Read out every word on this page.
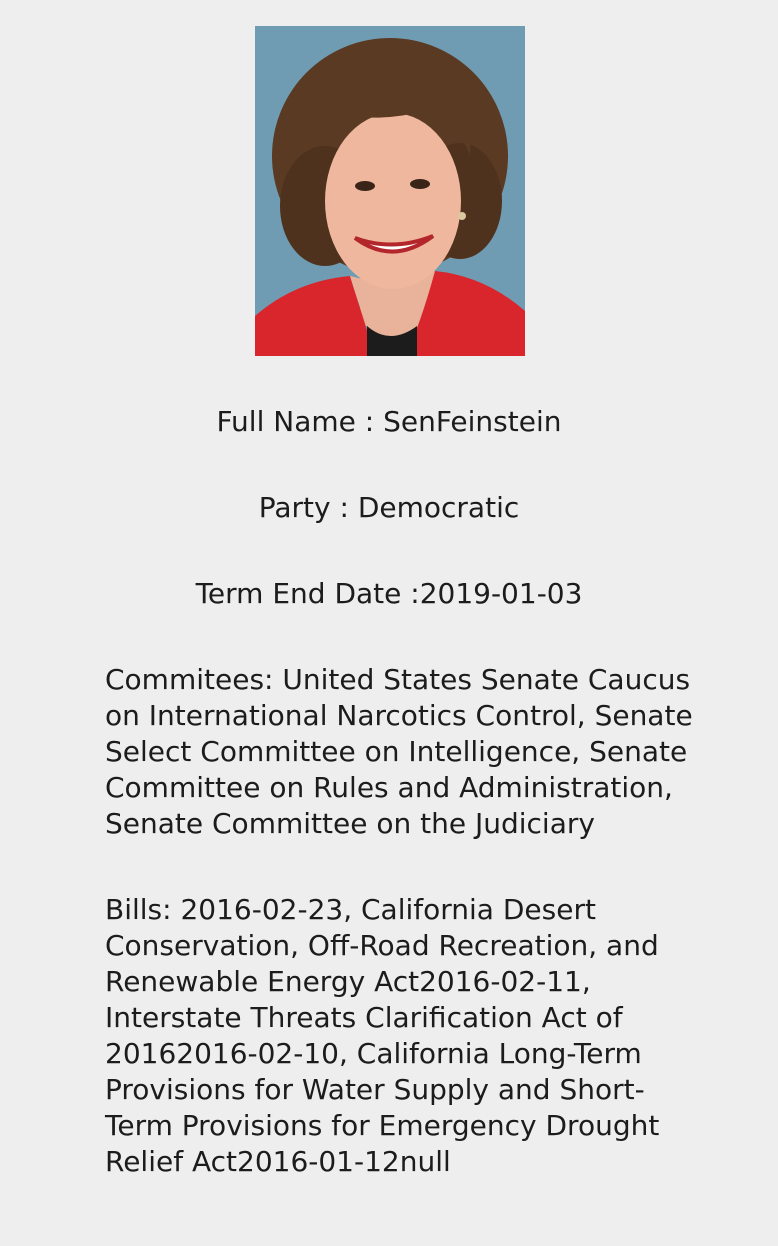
Full Name : SenFeinstein
Party : Democratic
Term End Date :2019-01-03

Commitees: United States Senate Caucus
on International Narcotics Control, Senate
Select Committee on Intelligence, Senate
Committee on Rules and Administration,
Senate Committee on the Judiciary

Bills: 2016-02-23, California Desert
Conservation, Off-Road Recreation, and
Renewable Energy Act2016-02-11,
Interstate Threats Clarification Act of
20162016-02-10, California Long-Term
Provisions for Water Supply and Short-
Term Provisions for Emergency Drought
Relief Act2016-01-12null
